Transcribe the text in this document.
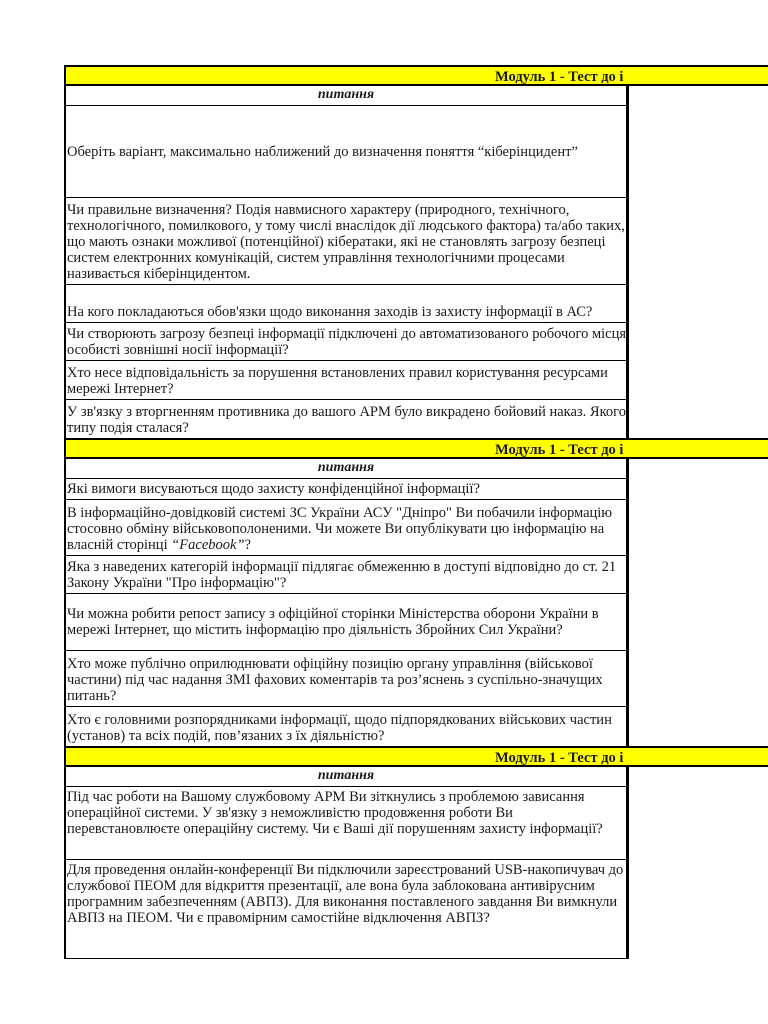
Модуль 1 - Тест до і
питання
Оберіть варіант, максимально наближений до визначення поняття “кіберінцидент”
Чи правильне визначення? Подія навмисного характеру (природного, технічного, технологічного, помилкового, у тому числі внаслідок дії людського фактора) та/або таких, що мають ознаки можливої (потенційної) кібератаки, які не становлять загрозу безпеці систем електронних комунікацій, систем управління технологічними процесами називається кіберінцидентом.
На кого покладаються обов'язки щодо виконання заходів із захисту інформації в АС?
Чи створюють загрозу безпеці інформації підключені до автоматизованого робочого місця особисті зовнішні носії інформації?
Хто несе відповідальність за порушення встановлених правил користування ресурсами мережі Інтернет?
У зв'язку з вторгненням противника до вашого АРМ було викрадено бойовий наказ. Якого типу подія сталася?
Модуль 1 - Тест до і
питання
Які вимоги висуваються щодо захисту конфіденційної інформації?
В інформаційно-довідковій системі ЗС України АСУ "Дніпро" Ви побачили інформацію стосовно обміну військовополоненими. Чи можете Ви опублікувати цю інформацію на власній сторінці “Facebook”?
Яка з наведених категорій інформації підлягає обмеженню в доступі відповідно до ст. 21 Закону України "Про інформацію"?
Чи можна робити репост запису з офіційної сторінки Міністерства оборони України в мережі Інтернет, що містить інформацію про діяльність Збройних Сил України?
Хто може публічно оприлюднювати офіційну позицію органу управління (військової частини) під час надання ЗМІ фахових коментарів та роз’яснень з суспільно-значущих питань?
Хто є головними розпорядниками інформації, щодо підпорядкованих військових частин (установ) та всіх подій, пов’язаних з їх діяльністю?
Модуль 1 - Тест до і
питання
Під час роботи на Вашому службовому АРМ Ви зіткнулись з проблемою зависання операційної системи. У зв'язку з неможливістю продовження роботи Ви перевстановлюєте операційну систему. Чи є Ваші дії порушенням захисту інформації?
Для проведення онлайн-конференції Ви підключили зареєстрований USB-накопичувач до службової ПЕОМ для відкриття презентації, але вона була заблокована антивірусним програмним забезпеченням (АВПЗ). Для виконання поставленого завдання Ви вимкнули АВПЗ на ПЕОМ. Чи є правомірним самостійне відключення АВПЗ?
